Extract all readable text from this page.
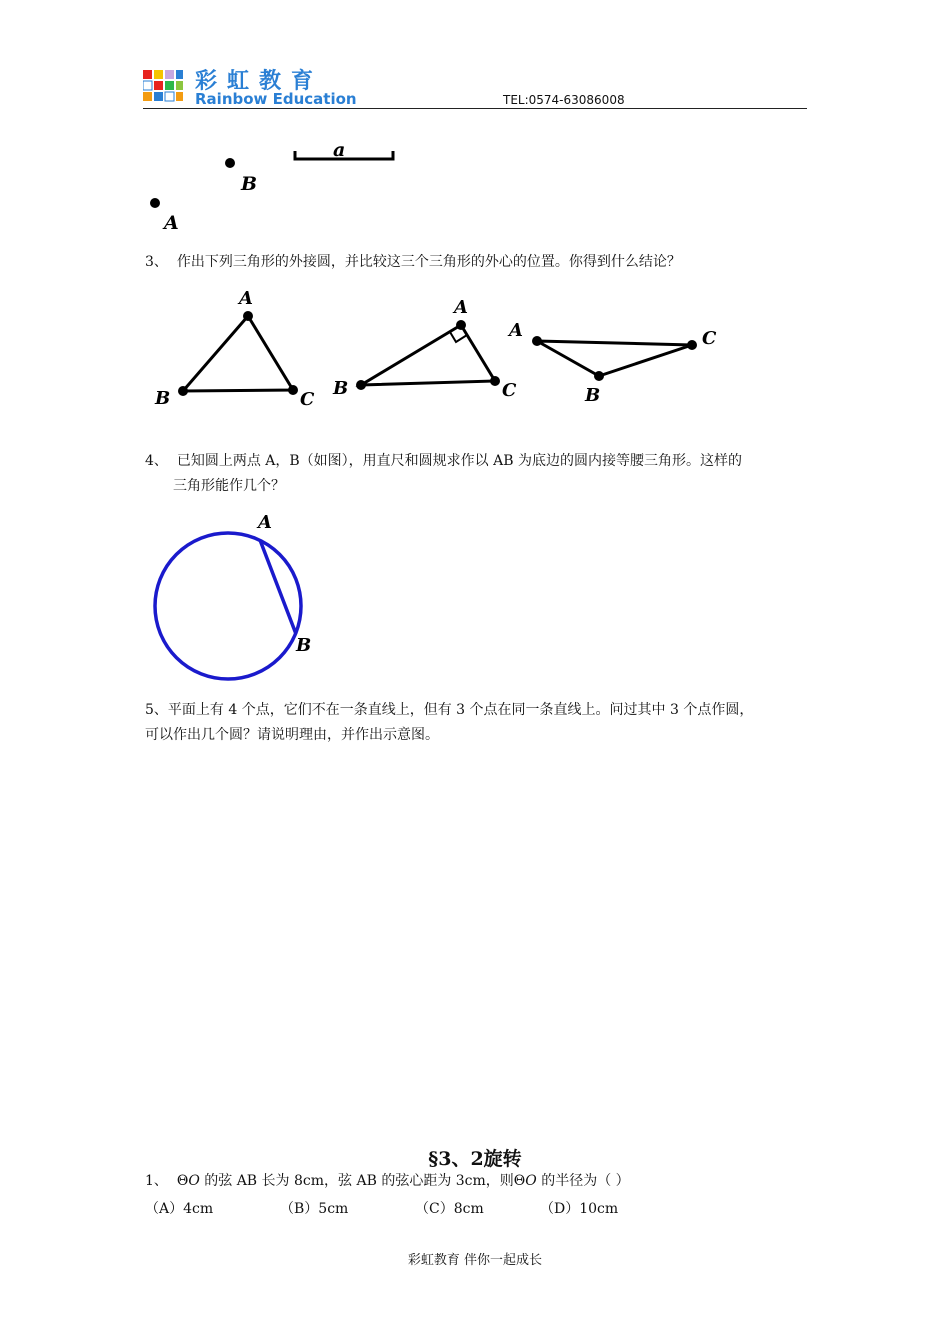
彩虹教育
Rainbow Education	TEL:0574-63086008
B
A
a
A
B	C
A
B	C
A
B
C
A
B
3、 作出下列三角形的外接圆，并比较这三个三角形的外心的位置。你得到什么结论？
4、 已知圆上两点 A，B（如图），用直尺和圆规求作以 AB 为底边的圆内接等腰三角形。这样的
三角形能作几个？
5、平面上有 4 个点，它们不在一条直线上，但有 3 个点在同一条直线上。问过其中 3 个点作圆，
可以作出几个圆？请说明理由，并作出示意图。
§3、2旋转
1、 ΘO 的弦 AB 长为 8cm，弦 AB 的弦心距为 3cm，则ΘO 的半径为（ ）
（A）4cm	（B）5cm	（C）8cm	（D）10cm
彩虹教育 伴你一起成长
